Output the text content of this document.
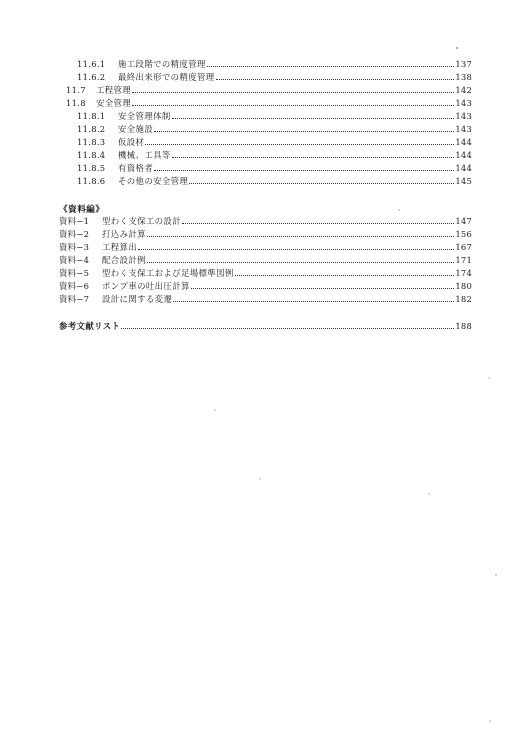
11.6.1	施工段階での精度管理	137
11.6.2	最終出来形での精度管理	138
11.7	工程管理	142
11.8	安全管理	143
11.8.1	安全管理体制	143
11.8.2	安全施設	143
11.8.3	仮設材	144
11.8.4	機械、工具等	144
11.8.5	有資格者	144
11.8.6	その他の安全管理	145
《資料編》
資料−1	型わく支保工の設計	147
資料−2	打込み計算	156
資料−3	工程算出	167
資料−4	配合設計例	171
資料−5	型わく支保工および足場標準図例	174
資料−6	ポンプ車の吐出圧計算	180
資料−7	設計に関する変遷	182
参考文献リスト	188
